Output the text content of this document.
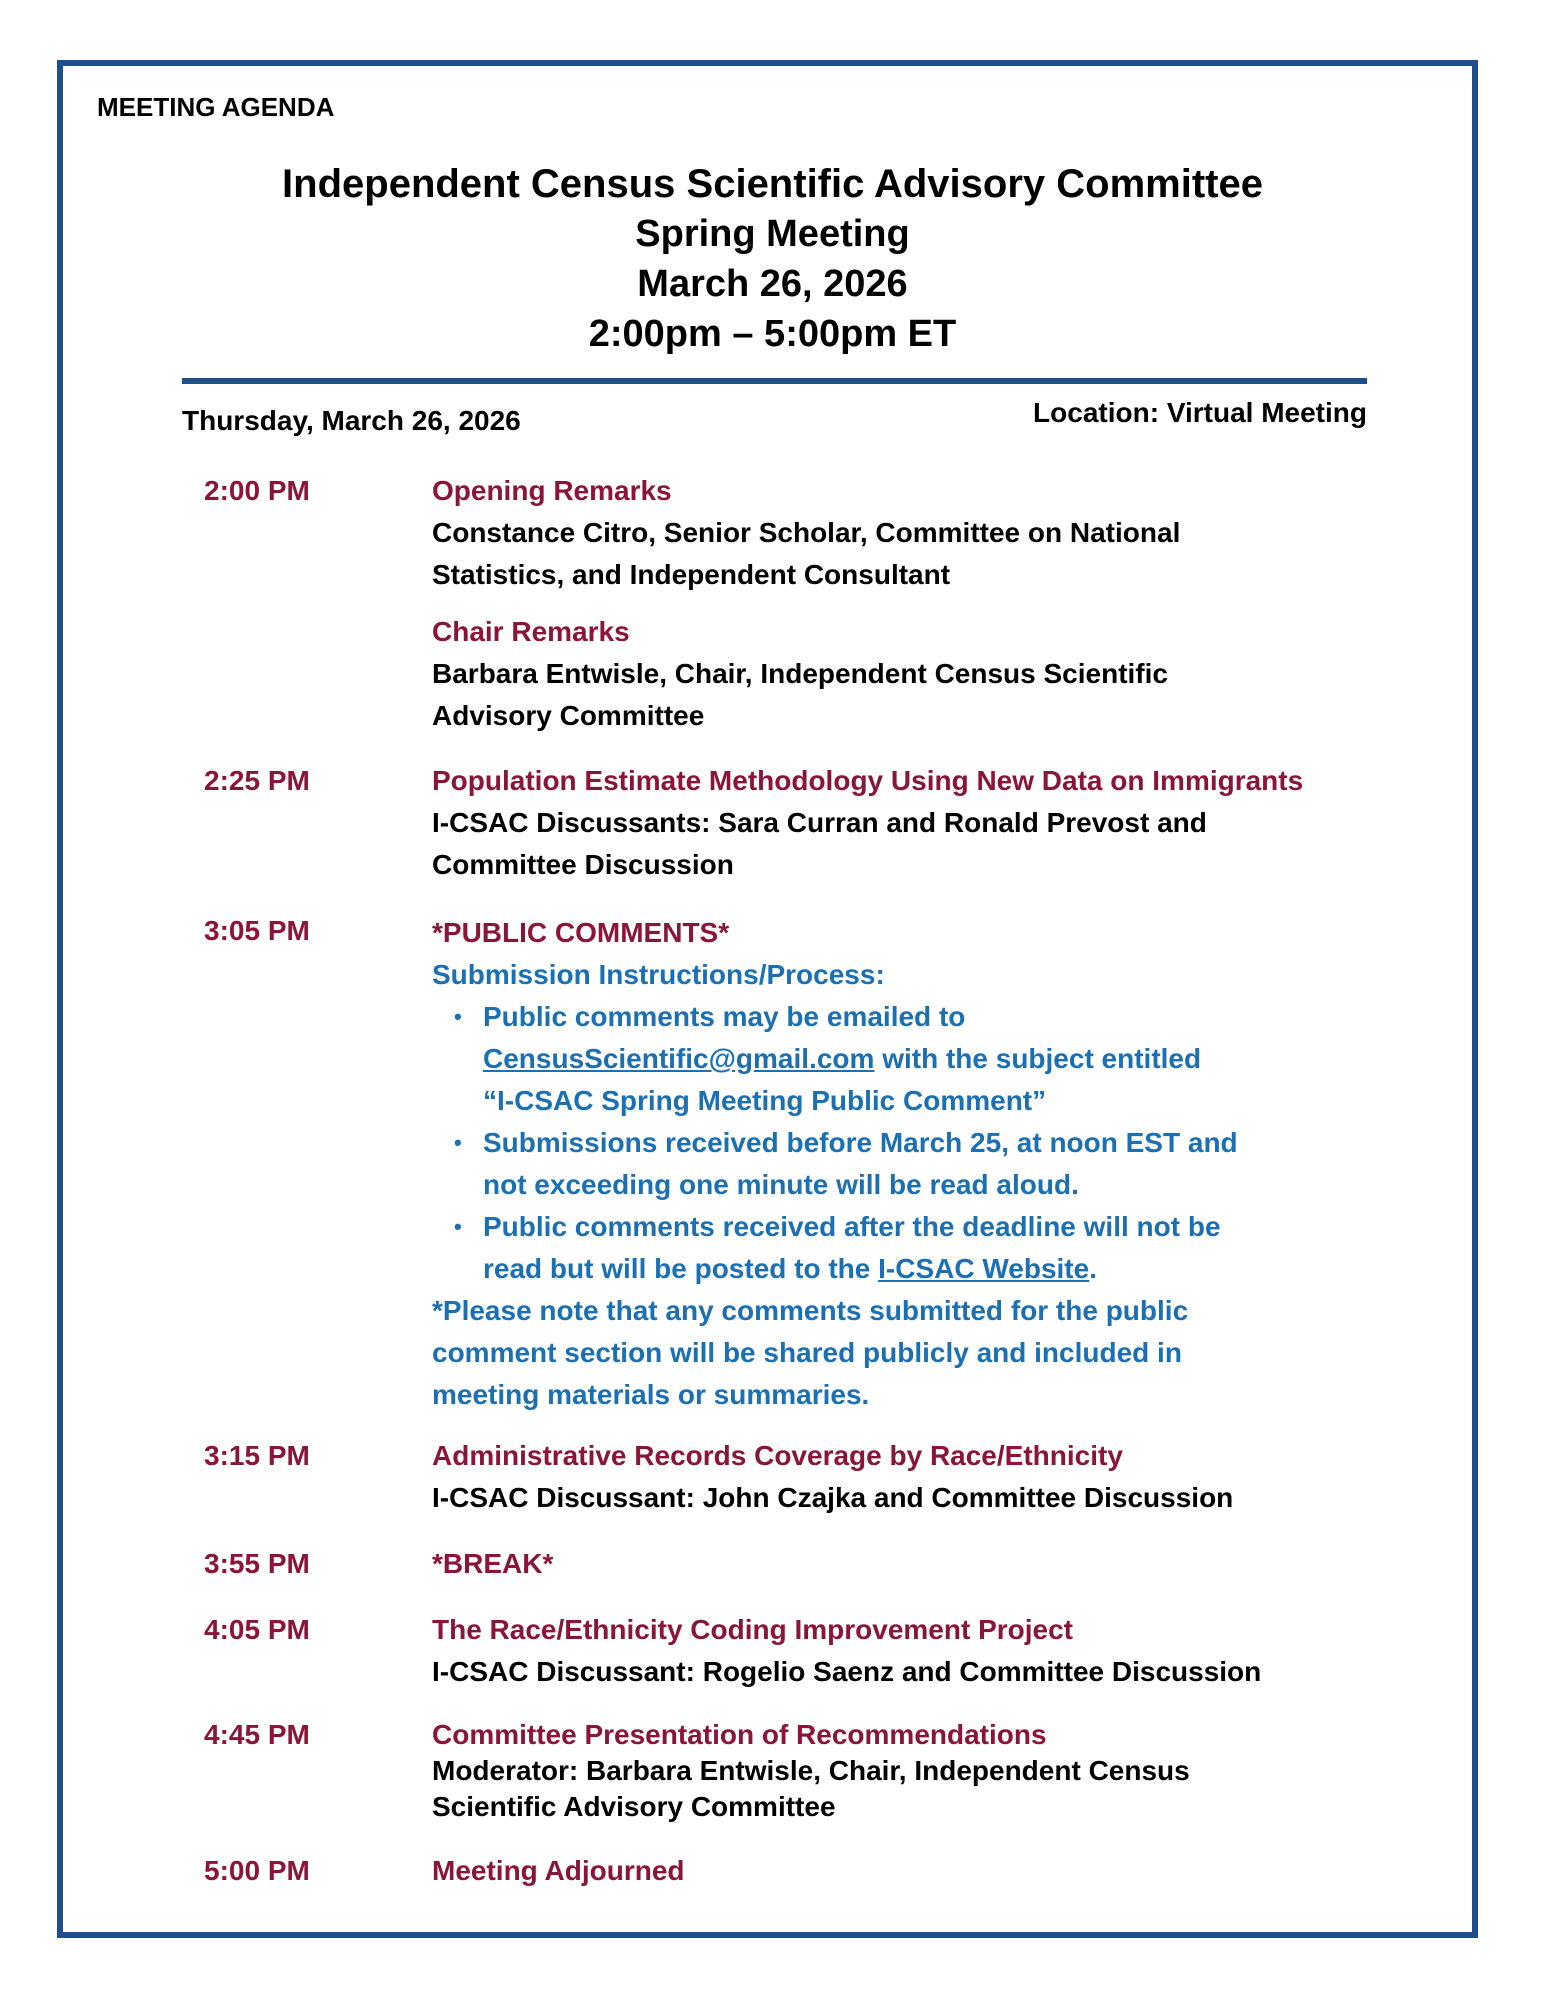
MEETING AGENDA
Independent Census Scientific Advisory Committee
Spring Meeting
March 26, 2026
2:00pm – 5:00pm ET
Thursday, March 26, 2026	Location: Virtual Meeting
2:00 PM	Opening Remarks
Constance Citro, Senior Scholar, Committee on National
Statistics, and Independent Consultant
Chair Remarks
Barbara Entwisle, Chair, Independent Census Scientific
Advisory Committee
2:25 PM	Population Estimate Methodology Using New Data on Immigrants
I-CSAC Discussants: Sara Curran and Ronald Prevost and
Committee Discussion
3:05 PM	*PUBLIC COMMENTS*
Submission Instructions/Process:
• Public comments may be emailed to
CensusScientific@gmail.com with the subject entitled
“I-CSAC Spring Meeting Public Comment”
• Submissions received before March 25, at noon EST and
not exceeding one minute will be read aloud.
• Public comments received after the deadline will not be
read but will be posted to the I-CSAC Website.
*Please note that any comments submitted for the public
comment section will be shared publicly and included in
meeting materials or summaries.
3:15 PM	Administrative Records Coverage by Race/Ethnicity
I-CSAC Discussant: John Czajka and Committee Discussion
3:55 PM	*BREAK*
4:05 PM	The Race/Ethnicity Coding Improvement Project
I-CSAC Discussant: Rogelio Saenz and Committee Discussion
4:45 PM	Committee Presentation of Recommendations
Moderator: Barbara Entwisle, Chair, Independent Census
Scientific Advisory Committee
5:00 PM	Meeting Adjourned
